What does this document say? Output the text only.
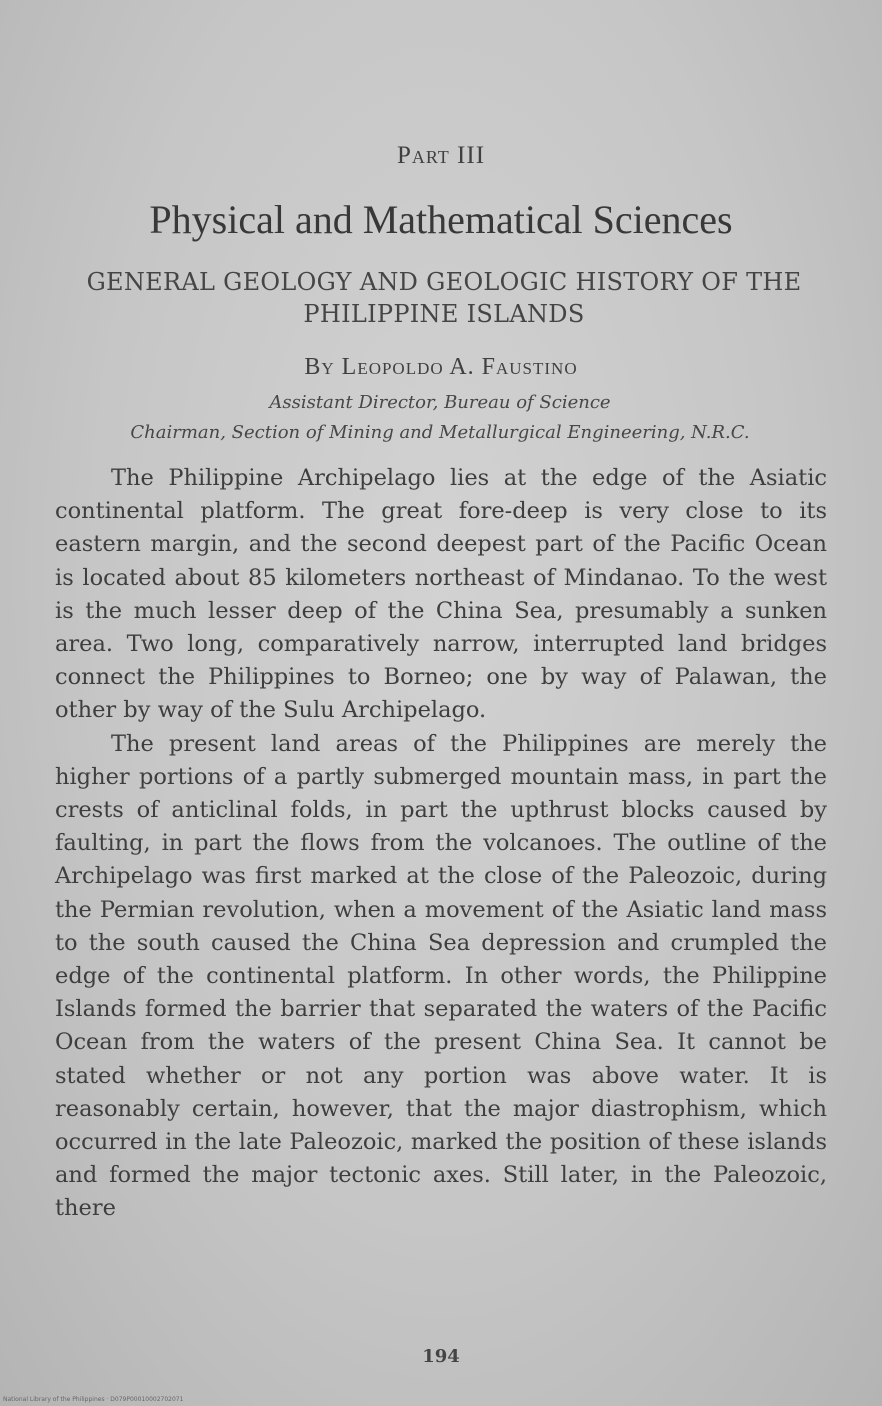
Part III
Physical and Mathematical Sciences
GENERAL GEOLOGY AND GEOLOGIC HISTORY OF THE PHILIPPINE ISLANDS
By Leopoldo A. Faustino
Assistant Director, Bureau of Science
Chairman, Section of Mining and Metallurgical Engineering, N.R.C.

The Philippine Archipelago lies at the edge of the Asiatic continental platform. The great fore-deep is very close to its eastern margin, and the second deepest part of the Pacific Ocean is located about 85 kilometers northeast of Mindanao. To the west is the much lesser deep of the China Sea, presumably a sunken area. Two long, comparatively narrow, interrupted land bridges connect the Philippines to Borneo; one by way of Palawan, the other by way of the Sulu Archipelago.

The present land areas of the Philippines are merely the higher portions of a partly submerged mountain mass, in part the crests of anticlinal folds, in part the upthrust blocks caused by faulting, in part the flows from the volcanoes. The outline of the Archipelago was first marked at the close of the Paleozoic, during the Permian revolution, when a movement of the Asiatic land mass to the south caused the China Sea depression and crumpled the edge of the continental platform. In other words, the Philippine Islands formed the barrier that separated the waters of the Pacific Ocean from the waters of the present China Sea. It cannot be stated whether or not any portion was above water. It is reasonably certain, however, that the major diastrophism, which occurred in the late Paleozoic, marked the position of these islands and formed the major tectonic axes. Still later, in the Paleozoic, there

194
National Library of the Philippines · D079P00010002702071
